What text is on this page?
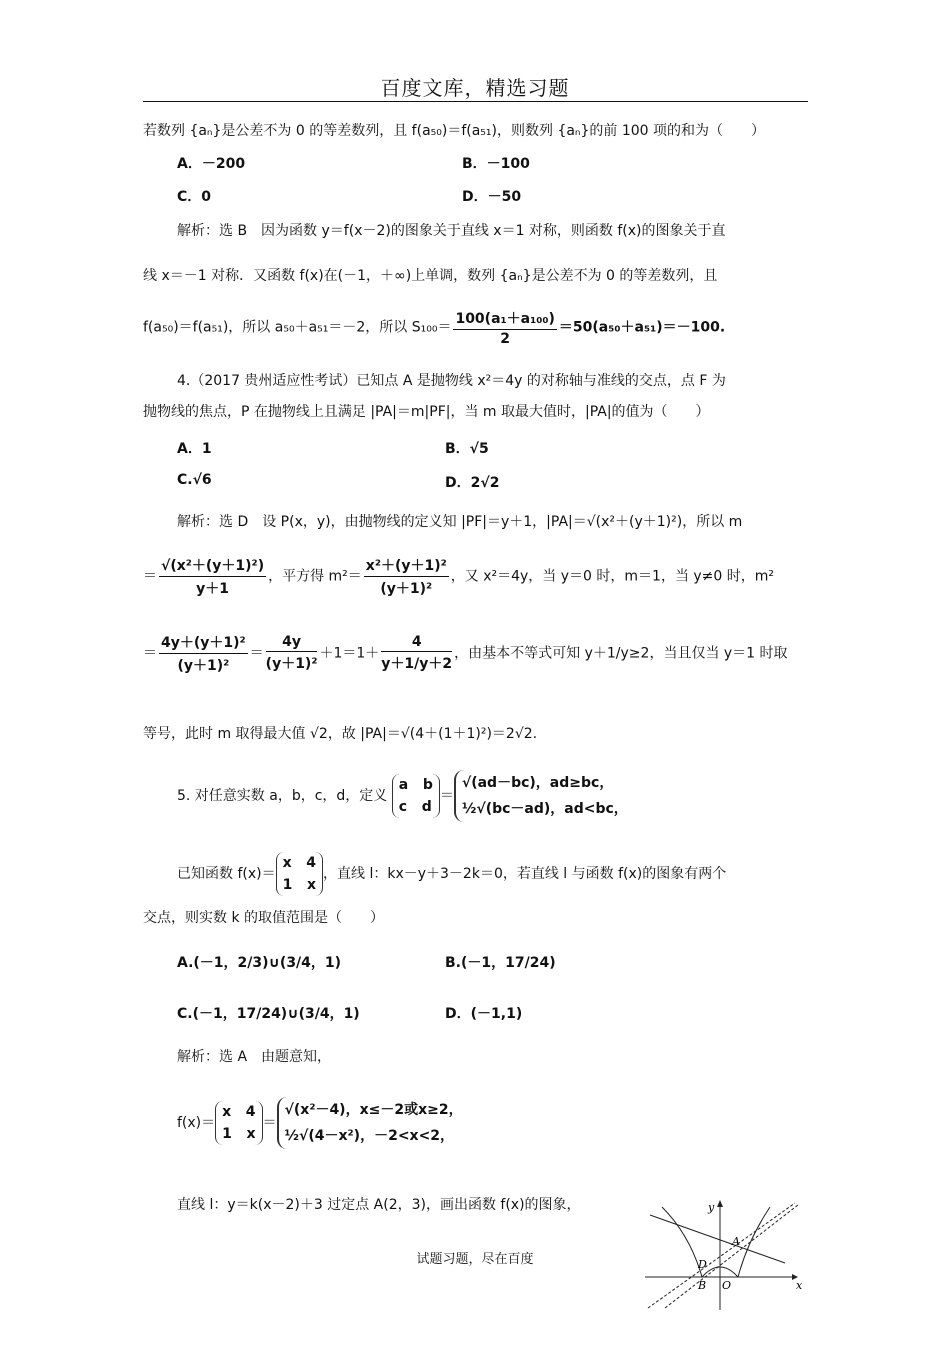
百度文库，精选习题
若数列 {aₙ}是公差不为 0 的等差数列，且 f(a₅₀)＝f(a₅₁)，则数列 {aₙ}的前 100 项的和为（　　）
A．－200	B．－100
C．0	D．－50
解析：选 B　因为函数 y＝f(x－2)的图象关于直线 x＝1 对称，则函数 f(x)的图象关于直
线 x＝－1 对称．又函数 f(x)在(－1，＋∞)上单调，数列 {aₙ}是公差不为 0 的等差数列，且
f(a₅₀)＝f(a₅₁)，所以 a₅₀＋a₅₁＝－2，所以 $S_{100}= \frac{\text{100(a₁＋a₁₀₀)}}{2} =50(a_{50}+a_{51})=-100$.
4.（2017 贵州适应性考试）已知点 A 是抛物线 x²＝4y 的对称轴与准线的交点，点 F 为
抛物线的焦点，P 在抛物线上且满足 |PA|＝m|PF|，当 m 取最大值时，|PA|的值为（　　）
A．1	B．√5
C.√6	D．2√2
解析：选 D　设 P(x，y)，由抛物线的定义知 |PF|＝y＋1，|PA|＝√(x²＋(y＋1)²)，所以 m
＝ $\frac{\text{√(x²＋(y＋1)²)}}{y+1}$ ，平方得 $m^2= \frac{\text{x²＋(y＋1)²}}{\text{(y＋1)²}}$ ，又 x²＝4y，当 y＝0 时，m＝1，当 y≠0 时，m²
＝ $\frac{\text{4y＋(y＋1)²}}{\text{(y＋1)²}} = \frac{4y}{\text{(y＋1)²}} +1=1+ \frac{4}{y+1/y+2}$ ，由基本不等式可知 y＋1/y≥2，当且仅当 y＝1 时取
等号，此时 m 取得最大值 √2，故 |PA|＝√(4＋(1＋1)²)＝2√2.
5. 对任意实数 a，b，c，d，定义 a b
c d＝√(ad－bc)，ad≥bc，
½√(bc－ad)，ad<bc，
已知函数 f(x)＝x 4
1 x，直线 l：kx－y＋3－2k＝0，若直线 l 与函数 f(x)的图象有两个
交点，则实数 k 的取值范围是（　　）
A.(－1，2/3)∪(3/4，1)	B.(－1，17/24)
C.(－1，17/24)∪(3/4，1)	D．(－1,1)
解析：选 A　由题意知，
f(x)＝x 4
1 x＝√(x²－4)，x≤－2或x≥2，
½√(4－x²)，－2<x<2，
直线 l：y＝k(x－2)＋3 过定点 A(2，3)，画出函数 f(x)的图象，	y
A
D
B O	x
试题习题，尽在百度
